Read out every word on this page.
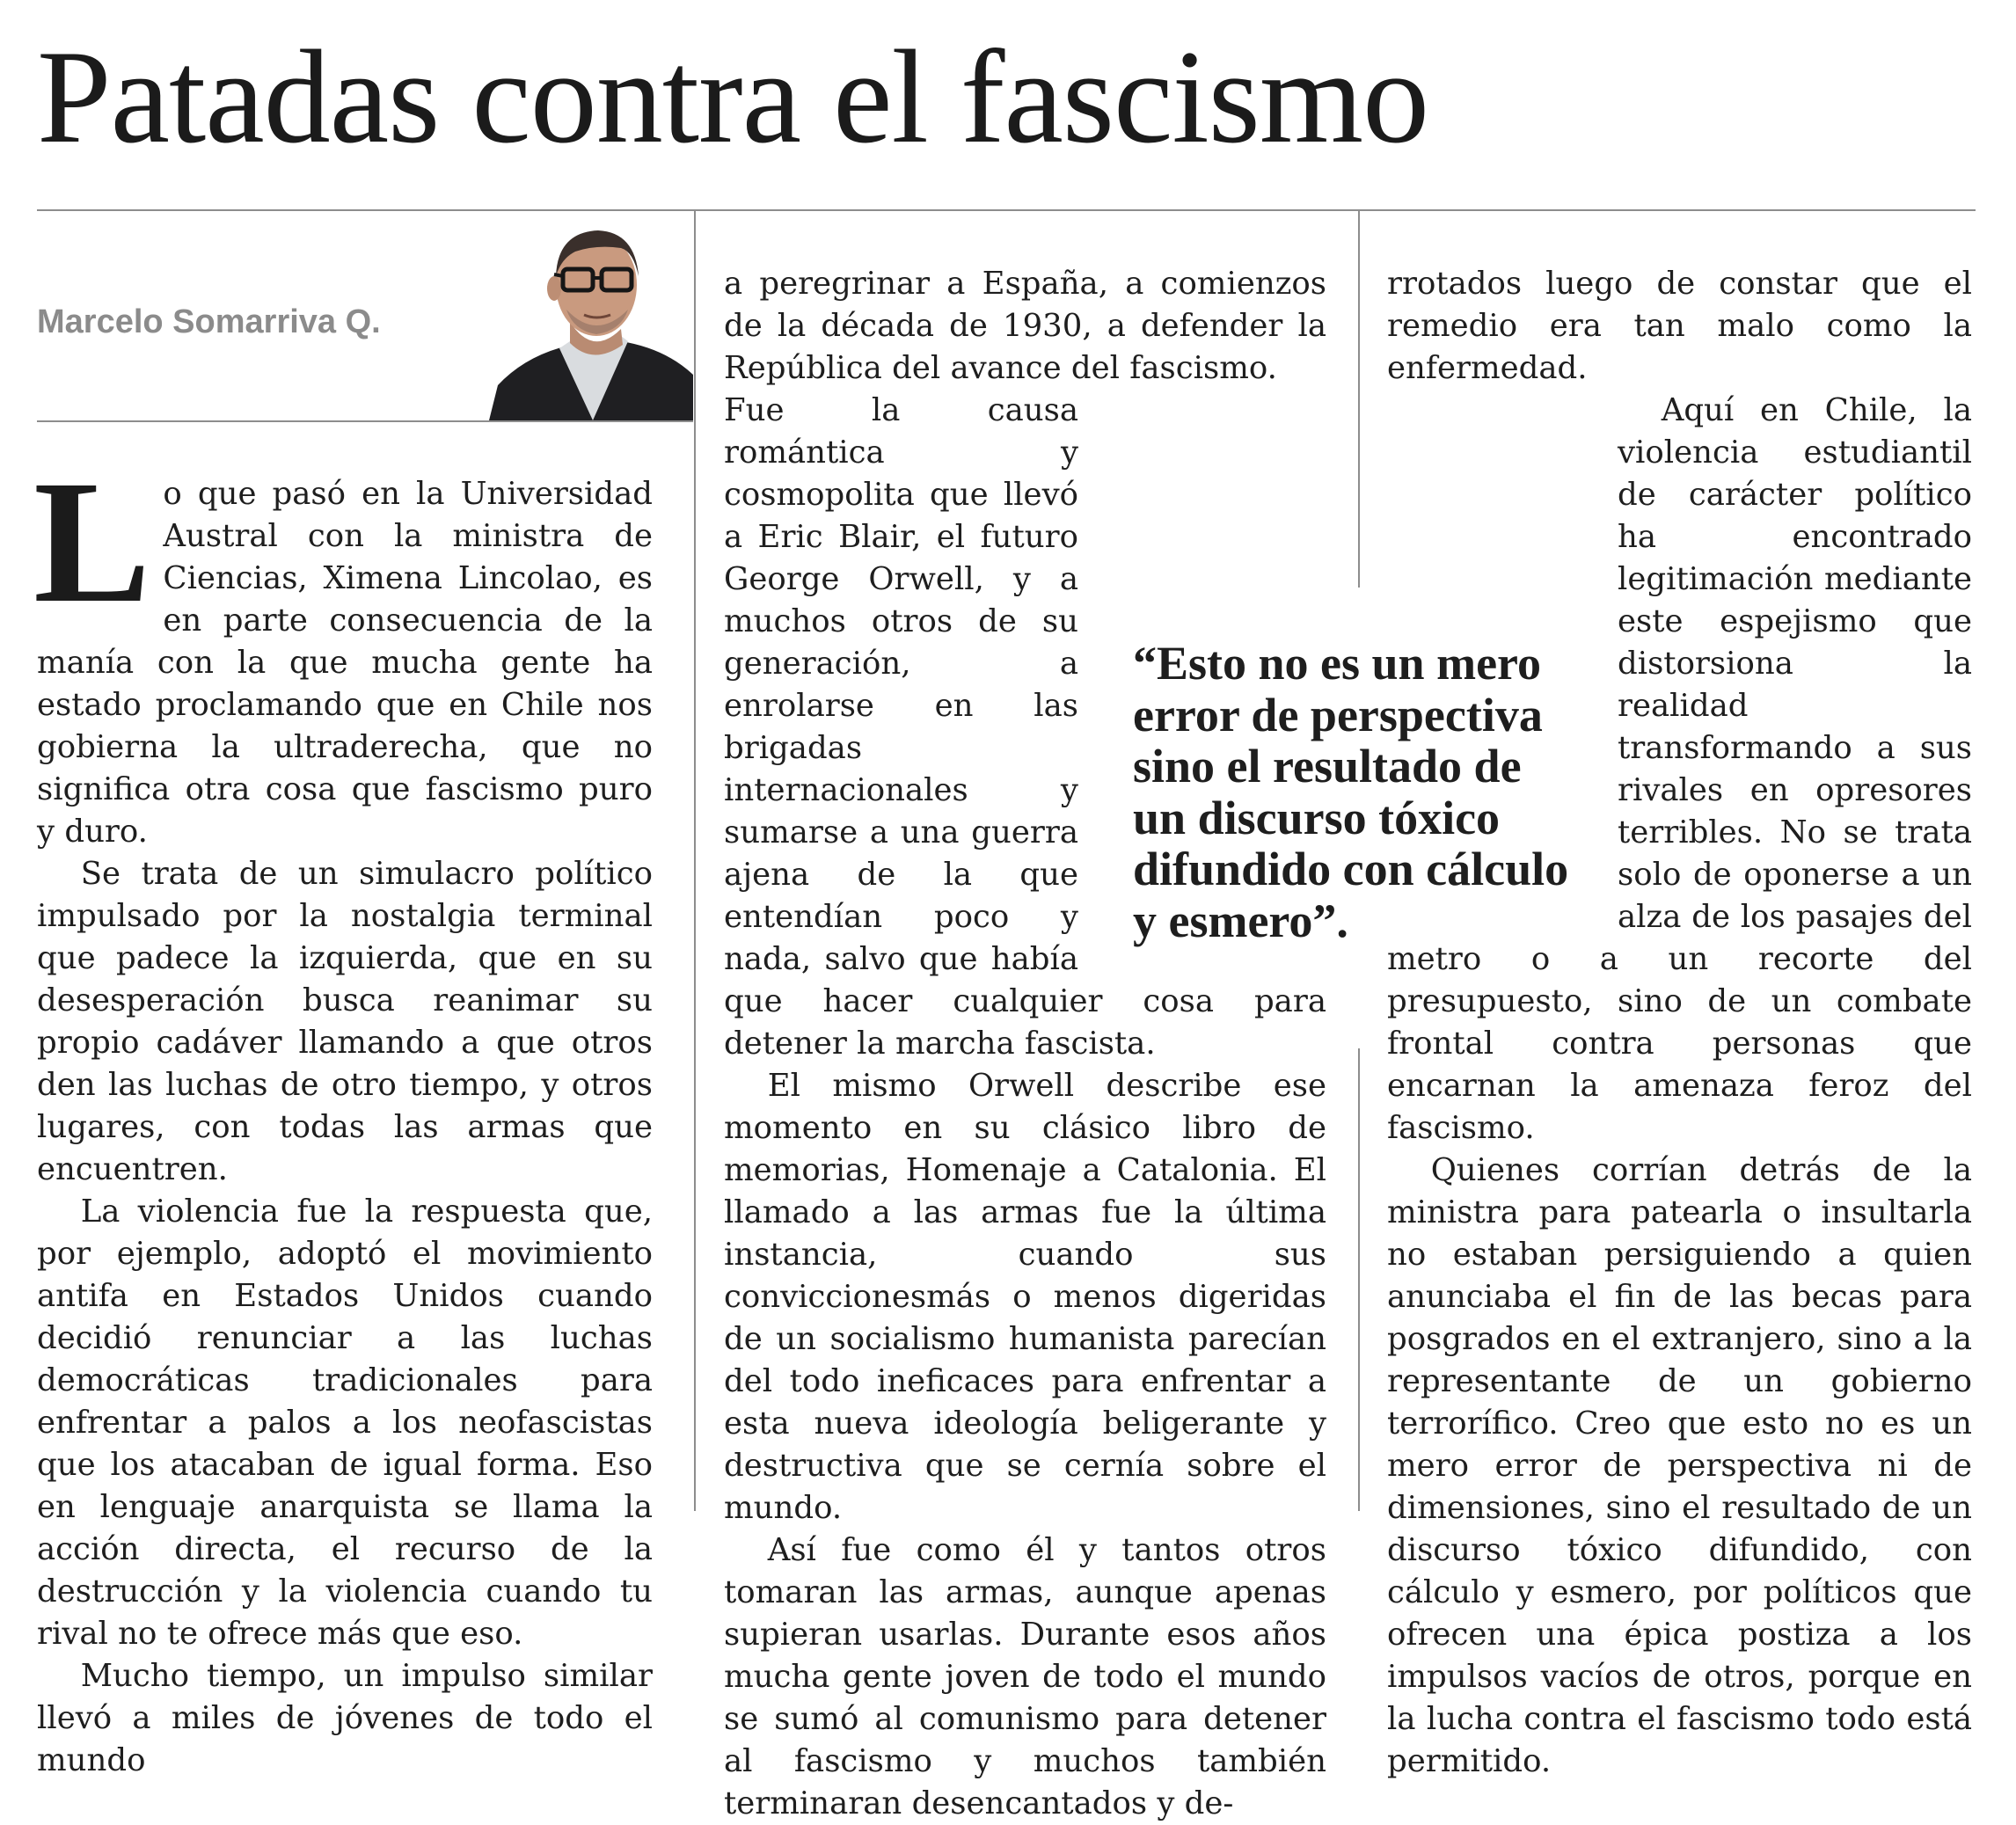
Patadas contra el fascismo
Marcelo Somarriva Q.

Lo que pasó en la Universidad Austral con la ministra de Ciencias, Ximena Lincolao, es en parte consecuencia de la manía con la que mucha gente ha estado proclamando que en Chile nos gobierna la ultraderecha, que no significa otra cosa que fascismo puro y duro.

Se trata de un simulacro político impulsado por la nostalgia terminal que padece la izquierda, que en su desesperación busca reanimar su propio cadáver llamando a que otros den las luchas de otro tiempo, y otros lugares, con todas las armas que encuentren.

La violencia fue la respuesta que, por ejemplo, adoptó el movimiento antifa en Estados Unidos cuando decidió renunciar a las luchas democráticas tradicionales para enfrentar a palos a los neofascistas que los atacaban de igual forma. Eso en lenguaje anarquista se llama la acción directa, el recurso de la destrucción y la violencia cuando tu rival no te ofrece más que eso.

Mucho tiempo, un impulso similar llevó a miles de jóvenes de todo el mundo

a peregrinar a España, a comienzos de la década de 1930, a defender la República del avance del fascismo.

Fue la causa romántica y cosmopolita que llevó a Eric Blair, el futuro George Orwell, y a muchos otros de su generación, a enrolarse en las brigadas internacionales y sumarse a una guerra ajena de la que entendían poco y nada, salvo que había que hacer cualquier cosa para detener la marcha fascista.

El mismo Orwell describe ese momento en su clásico libro de memorias, Homenaje a Catalonia. El llamado a las armas fue la última instancia, cuando sus conviccionesmás o menos digeridas de un socialismo humanista parecían del todo ineficaces para enfrentar a esta nueva ideología beligerante y destructiva que se cernía sobre el mundo.

Así fue como él y tantos otros tomaran las armas, aunque apenas supieran usarlas. Durante esos años mucha gente joven de todo el mundo se sumó al comunismo para detener al fascismo y muchos también terminaran desencantados y de-

rrotados luego de constar que el remedio era tan malo como la enfermedad.

Aquí en Chile, la violencia estudiantil de carácter político ha encontrado legitimación mediante este espejismo que distorsiona la realidad transformando a sus rivales en opresores terribles. No se trata solo de oponerse a un alza de los pasajes del metro o a un recorte del presupuesto, sino de un combate frontal contra personas que encarnan la amenaza feroz del fascismo.

Quienes corrían detrás de la ministra para patearla o insultarla no estaban persiguiendo a quien anunciaba el fin de las becas para posgrados en el extranjero, sino a la representante de un gobierno terrorífico. Creo que esto no es un mero error de perspectiva ni de dimensiones, sino el resultado de un discurso tóxico difundido, con cálculo y esmero, por políticos que ofrecen una épica postiza a los impulsos vacíos de otros, porque en la lucha contra el fascismo todo está permitido.

“Esto no es un mero error de perspectiva sino el resultado de un discurso tóxico difundido con cálculo y esmero”.
